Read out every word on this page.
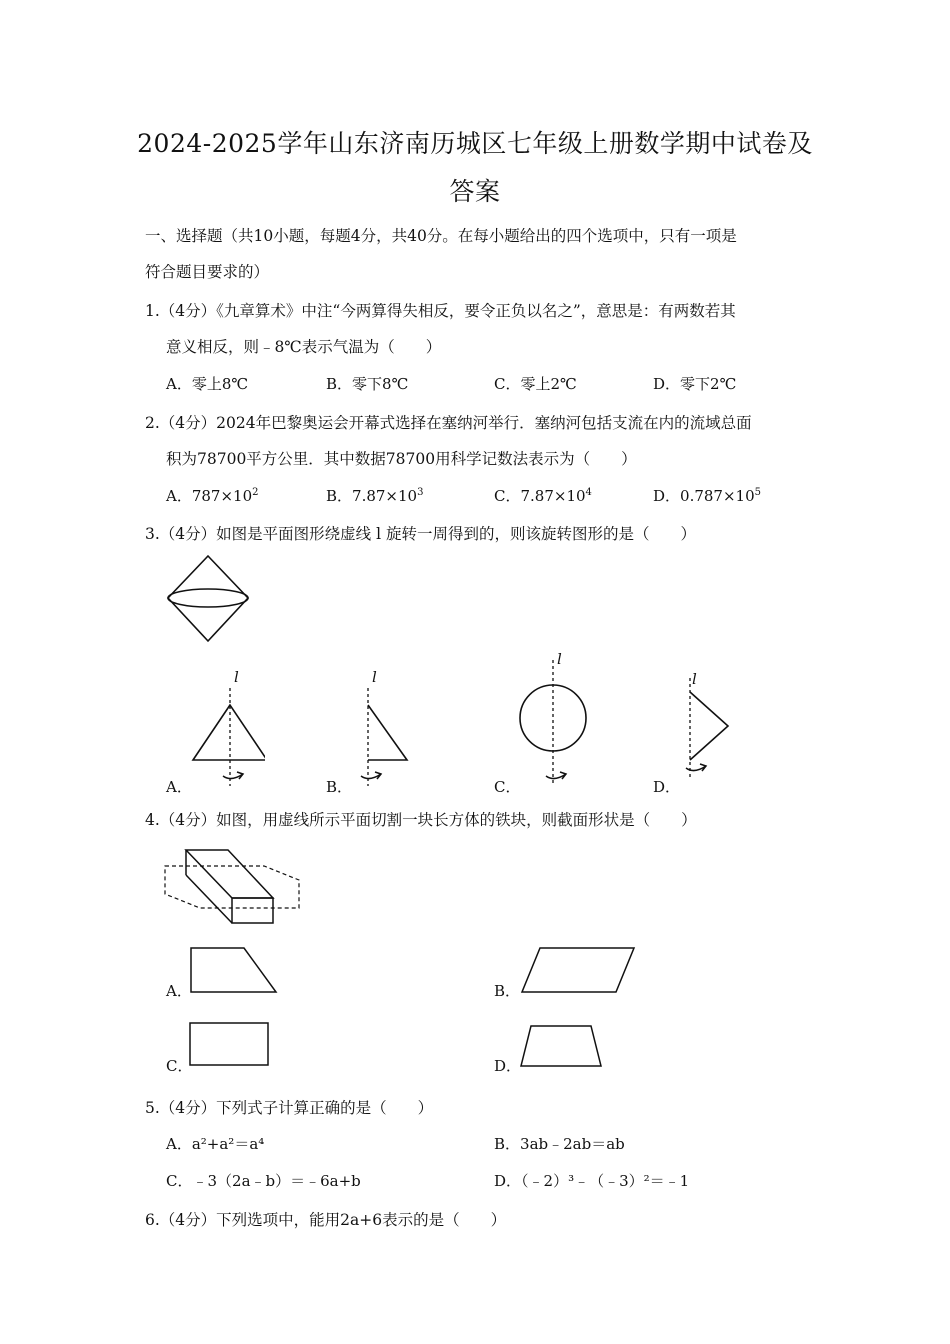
2024-2025学年山东济南历城区七年级上册数学期中试卷及
答案
一、选择题（共10小题，每题4分，共40分。在每小题给出的四个选项中，只有一项是
符合题目要求的）
1.（4分）《九章算术》中注“今两算得失相反，要令正负以名之”，意思是：有两数若其
意义相反，则﹣8℃表示气温为（　　）
A．零上8℃	B．零下8℃	C．零上2℃	D．零下2℃
2.（4分）2024年巴黎奥运会开幕式选择在塞纳河举行．塞纳河包括支流在内的流域总面
积为78700平方公里．其中数据78700用科学记数法表示为（　　）
A．$787\times 10^2$	B．$7.87\times 10^3$	C．$7.87\times 10^4$	D．$0.787\times 10^5$
3.（4分）如图是平面图形绕虚线 l 旋转一周得到的，则该旋转图形的是（　　）
l
A．
l
B．
l
C．
l
D．
4.（4分）如图，用虚线所示平面切割一块长方体的铁块，则截面形状是（　　）
A．	B．
C．	D．
5.（4分）下列式子计算正确的是（　　）
A．a²+a²＝a⁴	B．3ab﹣2ab＝ab
C．﹣3（2a﹣b）＝﹣6a+b	D．（﹣2）³﹣（﹣3）²＝﹣1
6.（4分）下列选项中，能用2a+6表示的是（　　）
